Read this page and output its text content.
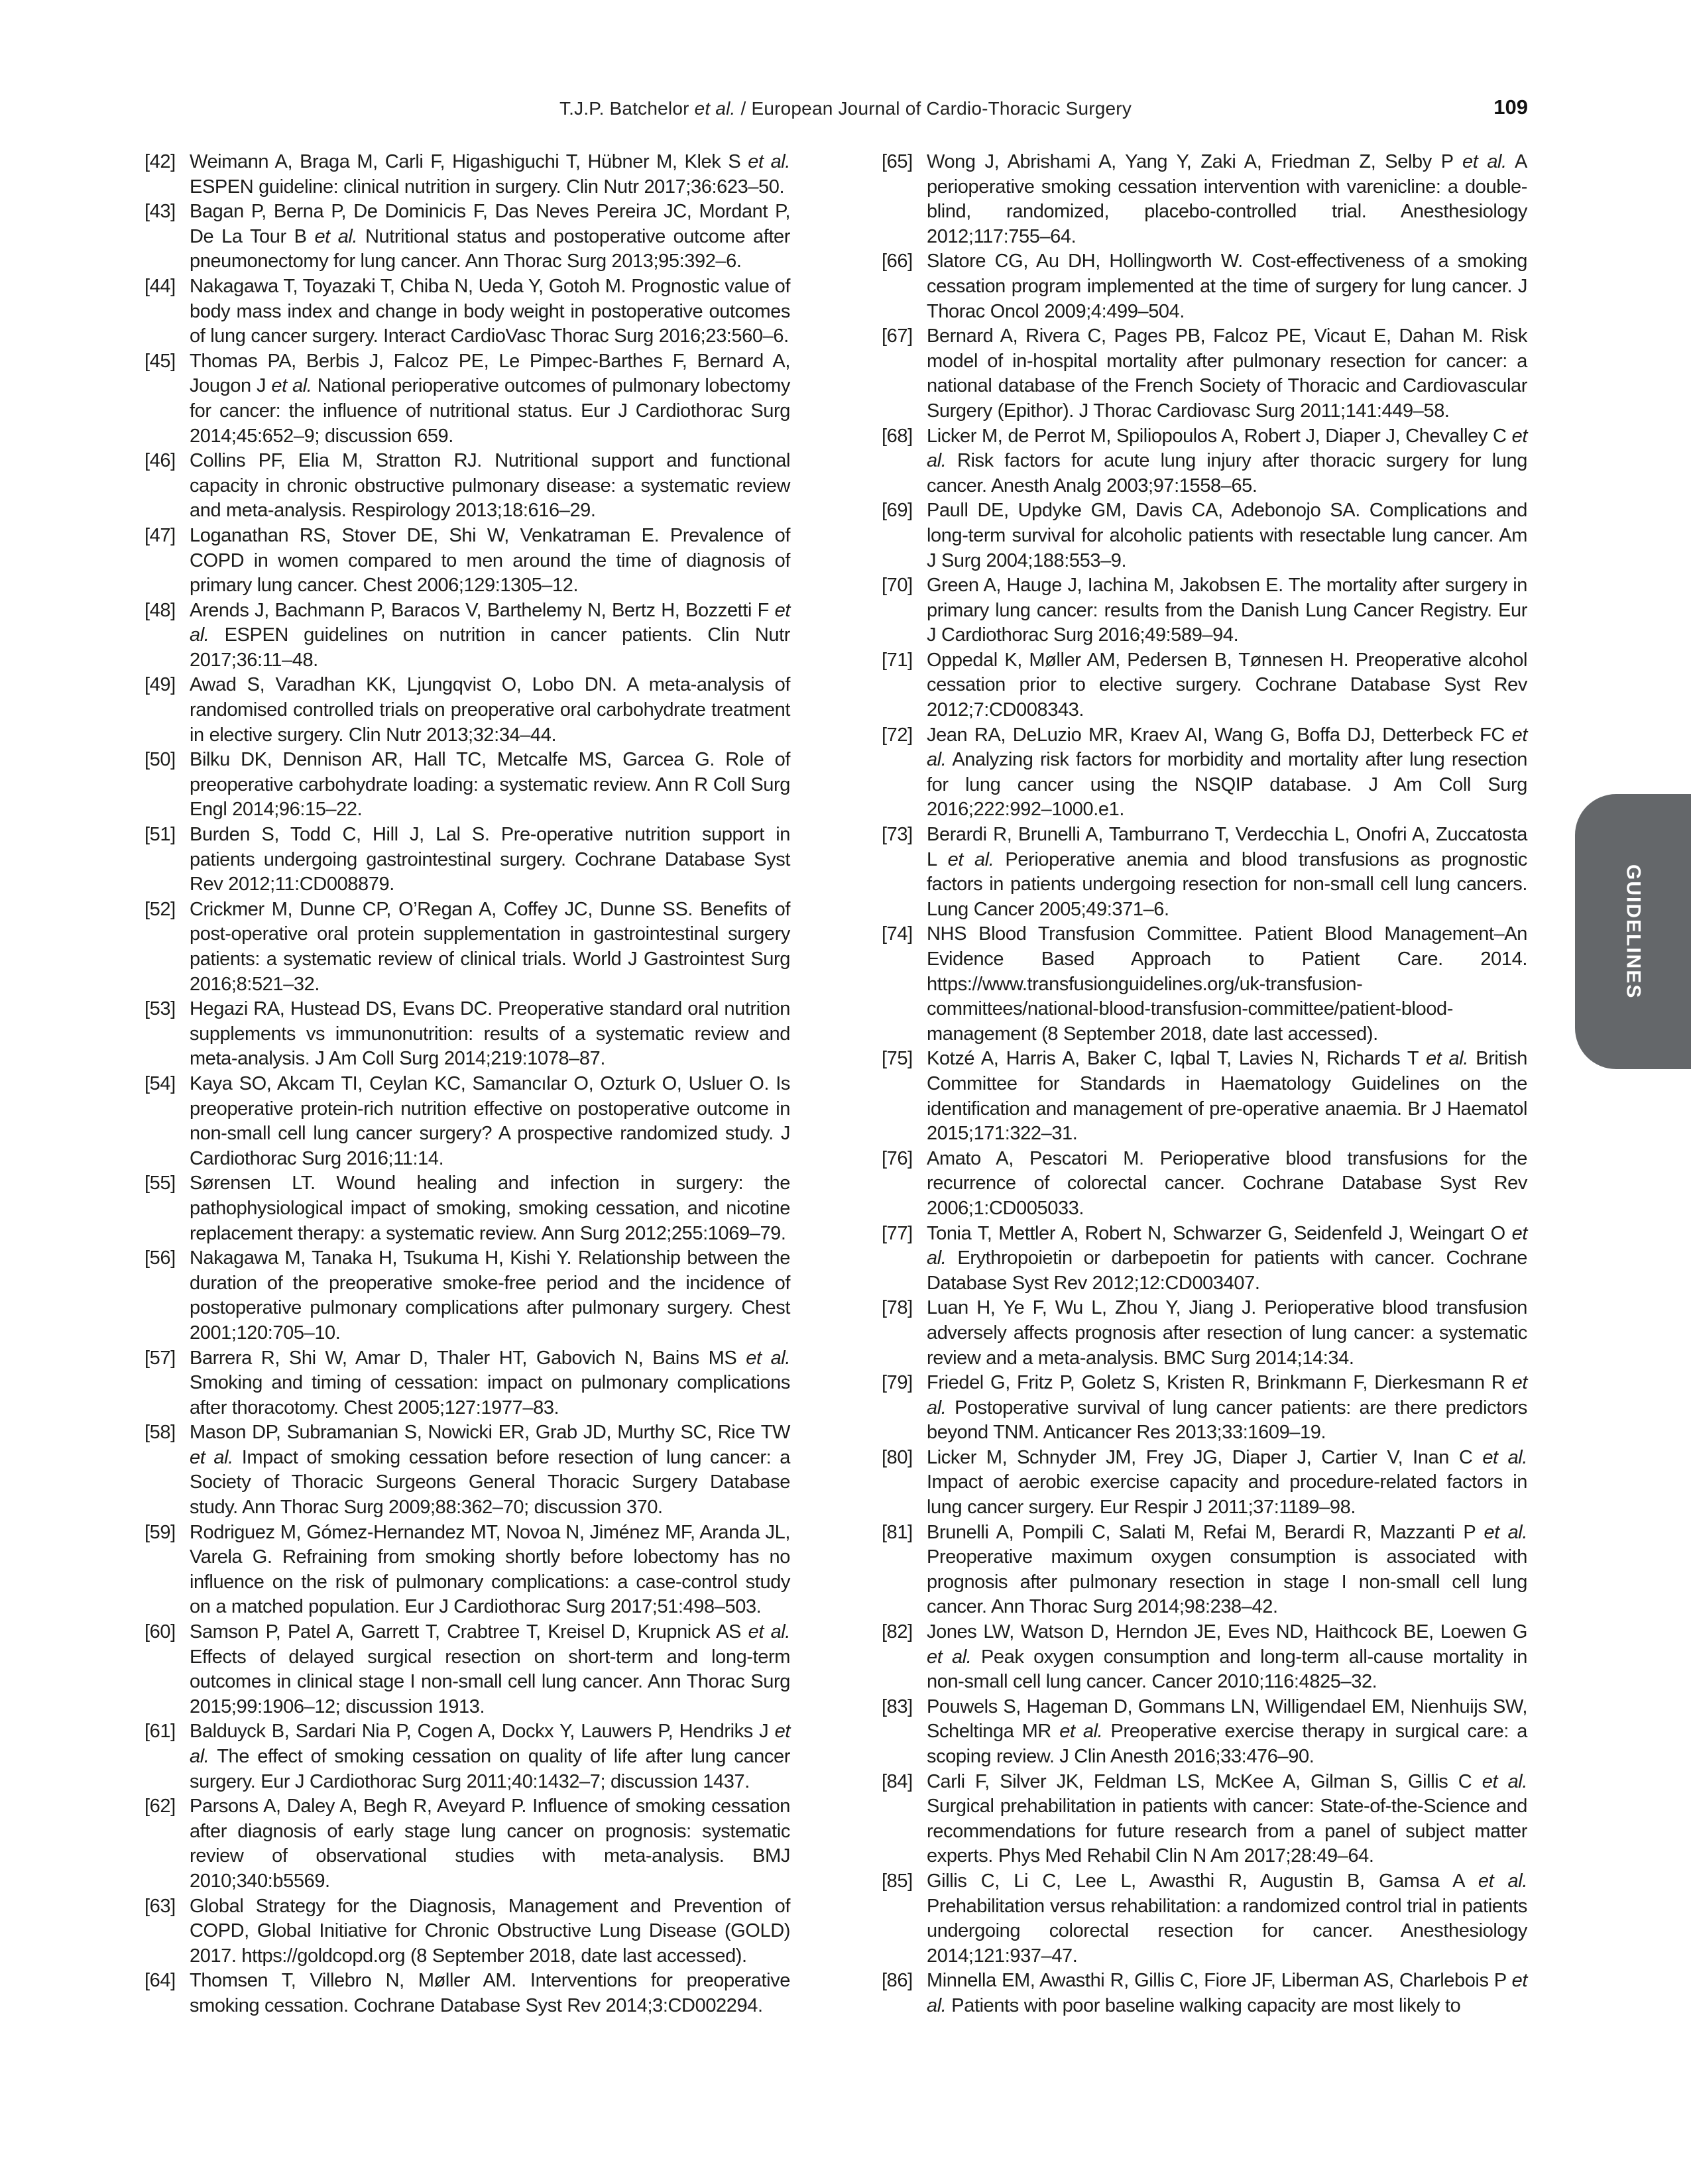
T.J.P. Batchelor et al. / European Journal of Cardio-Thoracic Surgery	109
[42] Weimann A, Braga M, Carli F, Higashiguchi T, Hübner M, Klek S et al. ESPEN guideline: clinical nutrition in surgery. Clin Nutr 2017;36:623–50.
[43] Bagan P, Berna P, De Dominicis F, Das Neves Pereira JC, Mordant P, De La Tour B et al. Nutritional status and postoperative outcome after pneumonectomy for lung cancer. Ann Thorac Surg 2013;95:392–6.
[44] Nakagawa T, Toyazaki T, Chiba N, Ueda Y, Gotoh M. Prognostic value of body mass index and change in body weight in postoperative outcomes of lung cancer surgery. Interact CardioVasc Thorac Surg 2016;23:560–6.
[45] Thomas PA, Berbis J, Falcoz PE, Le Pimpec-Barthes F, Bernard A, Jougon J et al. National perioperative outcomes of pulmonary lobectomy for cancer: the influence of nutritional status. Eur J Cardiothorac Surg 2014;45:652–9; discussion 659.
[46] Collins PF, Elia M, Stratton RJ. Nutritional support and functional capacity in chronic obstructive pulmonary disease: a systematic review and meta-analysis. Respirology 2013;18:616–29.
[47] Loganathan RS, Stover DE, Shi W, Venkatraman E. Prevalence of COPD in women compared to men around the time of diagnosis of primary lung cancer. Chest 2006;129:1305–12.
[48] Arends J, Bachmann P, Baracos V, Barthelemy N, Bertz H, Bozzetti F et al. ESPEN guidelines on nutrition in cancer patients. Clin Nutr 2017;36:11–48.
[49] Awad S, Varadhan KK, Ljungqvist O, Lobo DN. A meta-analysis of randomised controlled trials on preoperative oral carbohydrate treatment in elective surgery. Clin Nutr 2013;32:34–44.
[50] Bilku DK, Dennison AR, Hall TC, Metcalfe MS, Garcea G. Role of preoperative carbohydrate loading: a systematic review. Ann R Coll Surg Engl 2014;96:15–22.
[51] Burden S, Todd C, Hill J, Lal S. Pre-operative nutrition support in patients undergoing gastrointestinal surgery. Cochrane Database Syst Rev 2012;11:CD008879.
[52] Crickmer M, Dunne CP, O’Regan A, Coffey JC, Dunne SS. Benefits of post-operative oral protein supplementation in gastrointestinal surgery patients: a systematic review of clinical trials. World J Gastrointest Surg 2016;8:521–32.
[53] Hegazi RA, Hustead DS, Evans DC. Preoperative standard oral nutrition supplements vs immunonutrition: results of a systematic review and meta-analysis. J Am Coll Surg 2014;219:1078–87.
[54] Kaya SO, Akcam TI, Ceylan KC, Samancılar O, Ozturk O, Usluer O. Is preoperative protein-rich nutrition effective on postoperative outcome in non-small cell lung cancer surgery? A prospective randomized study. J Cardiothorac Surg 2016;11:14.
[55] Sørensen LT. Wound healing and infection in surgery: the pathophysiological impact of smoking, smoking cessation, and nicotine replacement therapy: a systematic review. Ann Surg 2012;255:1069–79.
[56] Nakagawa M, Tanaka H, Tsukuma H, Kishi Y. Relationship between the duration of the preoperative smoke-free period and the incidence of postoperative pulmonary complications after pulmonary surgery. Chest 2001;120:705–10.
[57] Barrera R, Shi W, Amar D, Thaler HT, Gabovich N, Bains MS et al. Smoking and timing of cessation: impact on pulmonary complications after thoracotomy. Chest 2005;127:1977–83.
[58] Mason DP, Subramanian S, Nowicki ER, Grab JD, Murthy SC, Rice TW et al. Impact of smoking cessation before resection of lung cancer: a Society of Thoracic Surgeons General Thoracic Surgery Database study. Ann Thorac Surg 2009;88:362–70; discussion 370.
[59] Rodriguez M, Gómez-Hernandez MT, Novoa N, Jiménez MF, Aranda JL, Varela G. Refraining from smoking shortly before lobectomy has no influence on the risk of pulmonary complications: a case-control study on a matched population. Eur J Cardiothorac Surg 2017;51:498–503.
[60] Samson P, Patel A, Garrett T, Crabtree T, Kreisel D, Krupnick AS et al. Effects of delayed surgical resection on short-term and long-term outcomes in clinical stage I non-small cell lung cancer. Ann Thorac Surg 2015;99:1906–12; discussion 1913.
[61] Balduyck B, Sardari Nia P, Cogen A, Dockx Y, Lauwers P, Hendriks J et al. The effect of smoking cessation on quality of life after lung cancer surgery. Eur J Cardiothorac Surg 2011;40:1432–7; discussion 1437.
[62] Parsons A, Daley A, Begh R, Aveyard P. Influence of smoking cessation after diagnosis of early stage lung cancer on prognosis: systematic review of observational studies with meta-analysis. BMJ 2010;340:b5569.
[63] Global Strategy for the Diagnosis, Management and Prevention of COPD, Global Initiative for Chronic Obstructive Lung Disease (GOLD) 2017. https://goldcopd.org (8 September 2018, date last accessed).
[64] Thomsen T, Villebro N, Møller AM. Interventions for preoperative smoking cessation. Cochrane Database Syst Rev 2014;3:CD002294.
[65] Wong J, Abrishami A, Yang Y, Zaki A, Friedman Z, Selby P et al. A perioperative smoking cessation intervention with varenicline: a double-blind, randomized, placebo-controlled trial. Anesthesiology 2012;117:755–64.
[66] Slatore CG, Au DH, Hollingworth W. Cost-effectiveness of a smoking cessation program implemented at the time of surgery for lung cancer. J Thorac Oncol 2009;4:499–504.
[67] Bernard A, Rivera C, Pages PB, Falcoz PE, Vicaut E, Dahan M. Risk model of in-hospital mortality after pulmonary resection for cancer: a national database of the French Society of Thoracic and Cardiovascular Surgery (Epithor). J Thorac Cardiovasc Surg 2011;141:449–58.
[68] Licker M, de Perrot M, Spiliopoulos A, Robert J, Diaper J, Chevalley C et al. Risk factors for acute lung injury after thoracic surgery for lung cancer. Anesth Analg 2003;97:1558–65.
[69] Paull DE, Updyke GM, Davis CA, Adebonojo SA. Complications and long-term survival for alcoholic patients with resectable lung cancer. Am J Surg 2004;188:553–9.
[70] Green A, Hauge J, Iachina M, Jakobsen E. The mortality after surgery in primary lung cancer: results from the Danish Lung Cancer Registry. Eur J Cardiothorac Surg 2016;49:589–94.
[71] Oppedal K, Møller AM, Pedersen B, Tønnesen H. Preoperative alcohol cessation prior to elective surgery. Cochrane Database Syst Rev 2012;7:CD008343.
[72] Jean RA, DeLuzio MR, Kraev AI, Wang G, Boffa DJ, Detterbeck FC et al. Analyzing risk factors for morbidity and mortality after lung resection for lung cancer using the NSQIP database. J Am Coll Surg 2016;222:992–1000.e1.
[73] Berardi R, Brunelli A, Tamburrano T, Verdecchia L, Onofri A, Zuccatosta L et al. Perioperative anemia and blood transfusions as prognostic factors in patients undergoing resection for non-small cell lung cancers. Lung Cancer 2005;49:371–6.
[74] NHS Blood Transfusion Committee. Patient Blood Management–An Evidence Based Approach to Patient Care. 2014. https://www.transfusionguidelines.org/uk-transfusion-committees/national-blood-transfusion-committee/patient-blood-management (8 September 2018, date last accessed).
[75] Kotzé A, Harris A, Baker C, Iqbal T, Lavies N, Richards T et al. British Committee for Standards in Haematology Guidelines on the identification and management of pre-operative anaemia. Br J Haematol 2015;171:322–31.
[76] Amato A, Pescatori M. Perioperative blood transfusions for the recurrence of colorectal cancer. Cochrane Database Syst Rev 2006;1:CD005033.
[77] Tonia T, Mettler A, Robert N, Schwarzer G, Seidenfeld J, Weingart O et al. Erythropoietin or darbepoetin for patients with cancer. Cochrane Database Syst Rev 2012;12:CD003407.
[78] Luan H, Ye F, Wu L, Zhou Y, Jiang J. Perioperative blood transfusion adversely affects prognosis after resection of lung cancer: a systematic review and a meta-analysis. BMC Surg 2014;14:34.
[79] Friedel G, Fritz P, Goletz S, Kristen R, Brinkmann F, Dierkesmann R et al. Postoperative survival of lung cancer patients: are there predictors beyond TNM. Anticancer Res 2013;33:1609–19.
[80] Licker M, Schnyder JM, Frey JG, Diaper J, Cartier V, Inan C et al. Impact of aerobic exercise capacity and procedure-related factors in lung cancer surgery. Eur Respir J 2011;37:1189–98.
[81] Brunelli A, Pompili C, Salati M, Refai M, Berardi R, Mazzanti P et al. Preoperative maximum oxygen consumption is associated with prognosis after pulmonary resection in stage I non-small cell lung cancer. Ann Thorac Surg 2014;98:238–42.
[82] Jones LW, Watson D, Herndon JE, Eves ND, Haithcock BE, Loewen G et al. Peak oxygen consumption and long-term all-cause mortality in non-small cell lung cancer. Cancer 2010;116:4825–32.
[83] Pouwels S, Hageman D, Gommans LN, Willigendael EM, Nienhuijs SW, Scheltinga MR et al. Preoperative exercise therapy in surgical care: a scoping review. J Clin Anesth 2016;33:476–90.
[84] Carli F, Silver JK, Feldman LS, McKee A, Gilman S, Gillis C et al. Surgical prehabilitation in patients with cancer: State-of-the-Science and recommendations for future research from a panel of subject matter experts. Phys Med Rehabil Clin N Am 2017;28:49–64.
[85] Gillis C, Li C, Lee L, Awasthi R, Augustin B, Gamsa A et al. Prehabilitation versus rehabilitation: a randomized control trial in patients undergoing colorectal resection for cancer. Anesthesiology 2014;121:937–47.
[86] Minnella EM, Awasthi R, Gillis C, Fiore JF, Liberman AS, Charlebois P et al. Patients with poor baseline walking capacity are most likely to
GUIDELINES
